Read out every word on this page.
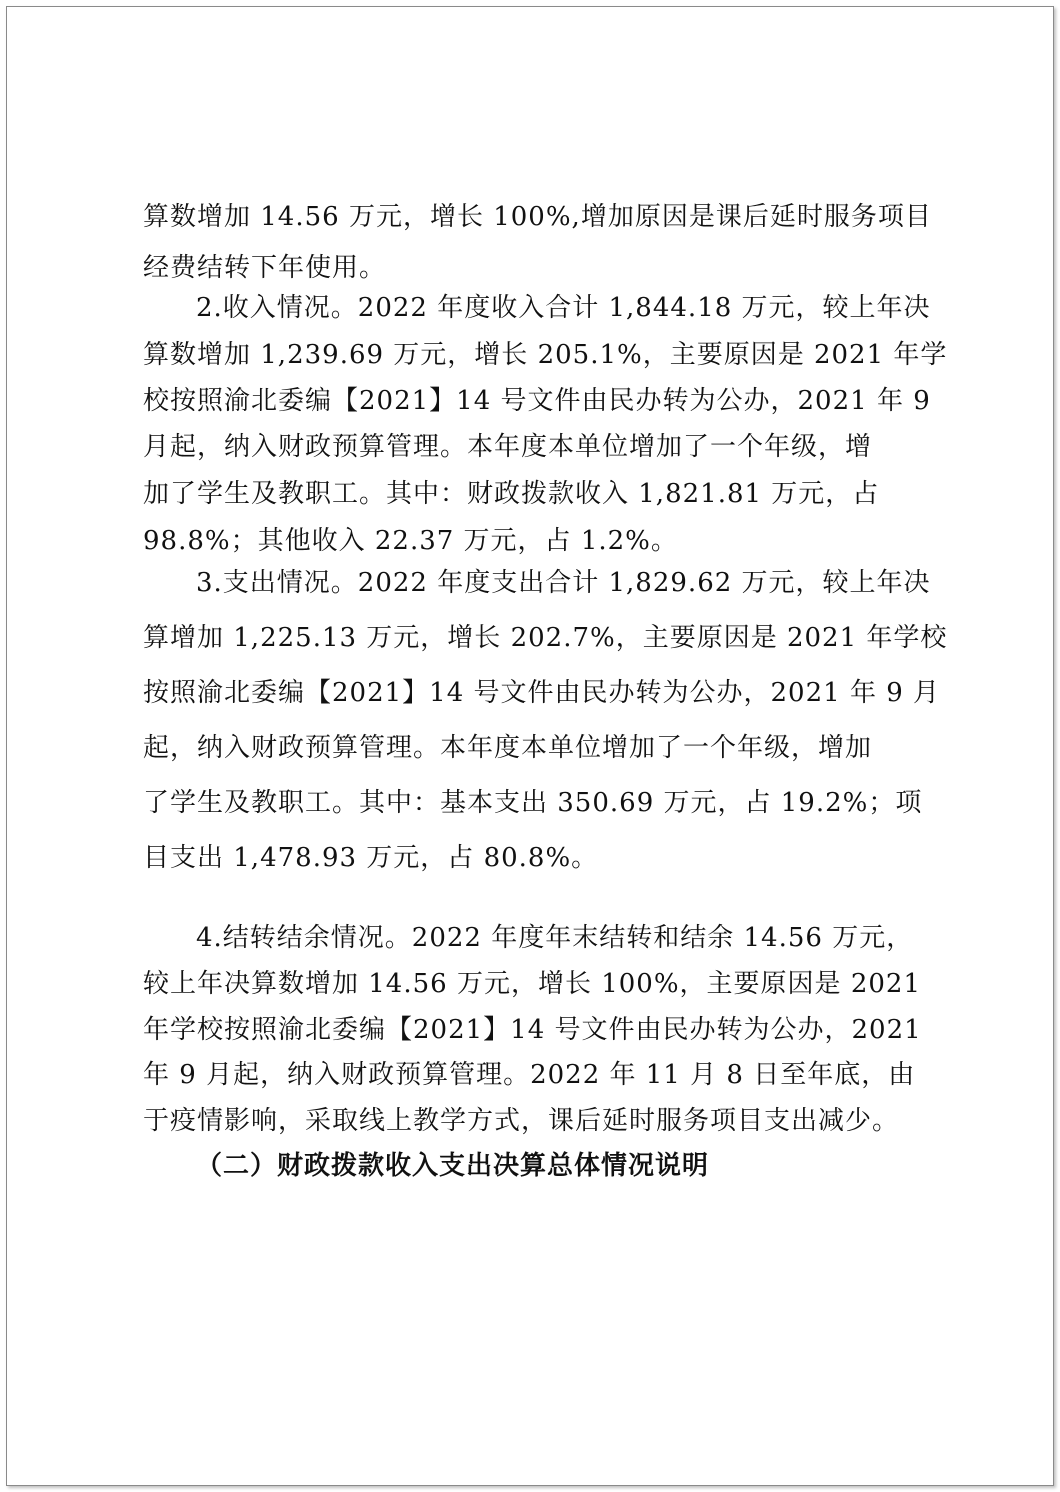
算数增加 14.56 万元，增长 100%,增加原因是课后延时服务项目
经费结转下年使用。
2.收入情况。2022 年度收入合计 1,844.18 万元，较上年决
算数增加 1,239.69 万元，增长 205.1%，主要原因是 2021 年学
校按照渝北委编【2021】14 号文件由民办转为公办，2021 年 9
月起，纳入财政预算管理。本年度本单位增加了一个年级，增
加了学生及教职工。其中：财政拨款收入 1,821.81 万元，占
98.8%；其他收入 22.37 万元，占 1.2%。
3.支出情况。2022 年度支出合计 1,829.62 万元，较上年决
算增加 1,225.13 万元，增长 202.7%，主要原因是 2021 年学校
按照渝北委编【2021】14 号文件由民办转为公办，2021 年 9 月
起，纳入财政预算管理。本年度本单位增加了一个年级，增加
了学生及教职工。其中：基本支出 350.69 万元，占 19.2%；项
目支出 1,478.93 万元，占 80.8%。
4.结转结余情况。2022 年度年末结转和结余 14.56 万元，
较上年决算数增加 14.56 万元，增长 100%，主要原因是 2021
年学校按照渝北委编【2021】14 号文件由民办转为公办，2021
年 9 月起，纳入财政预算管理。2022 年 11 月 8 日至年底，由
于疫情影响，采取线上教学方式，课后延时服务项目支出减少。
（二）财政拨款收入支出决算总体情况说明
